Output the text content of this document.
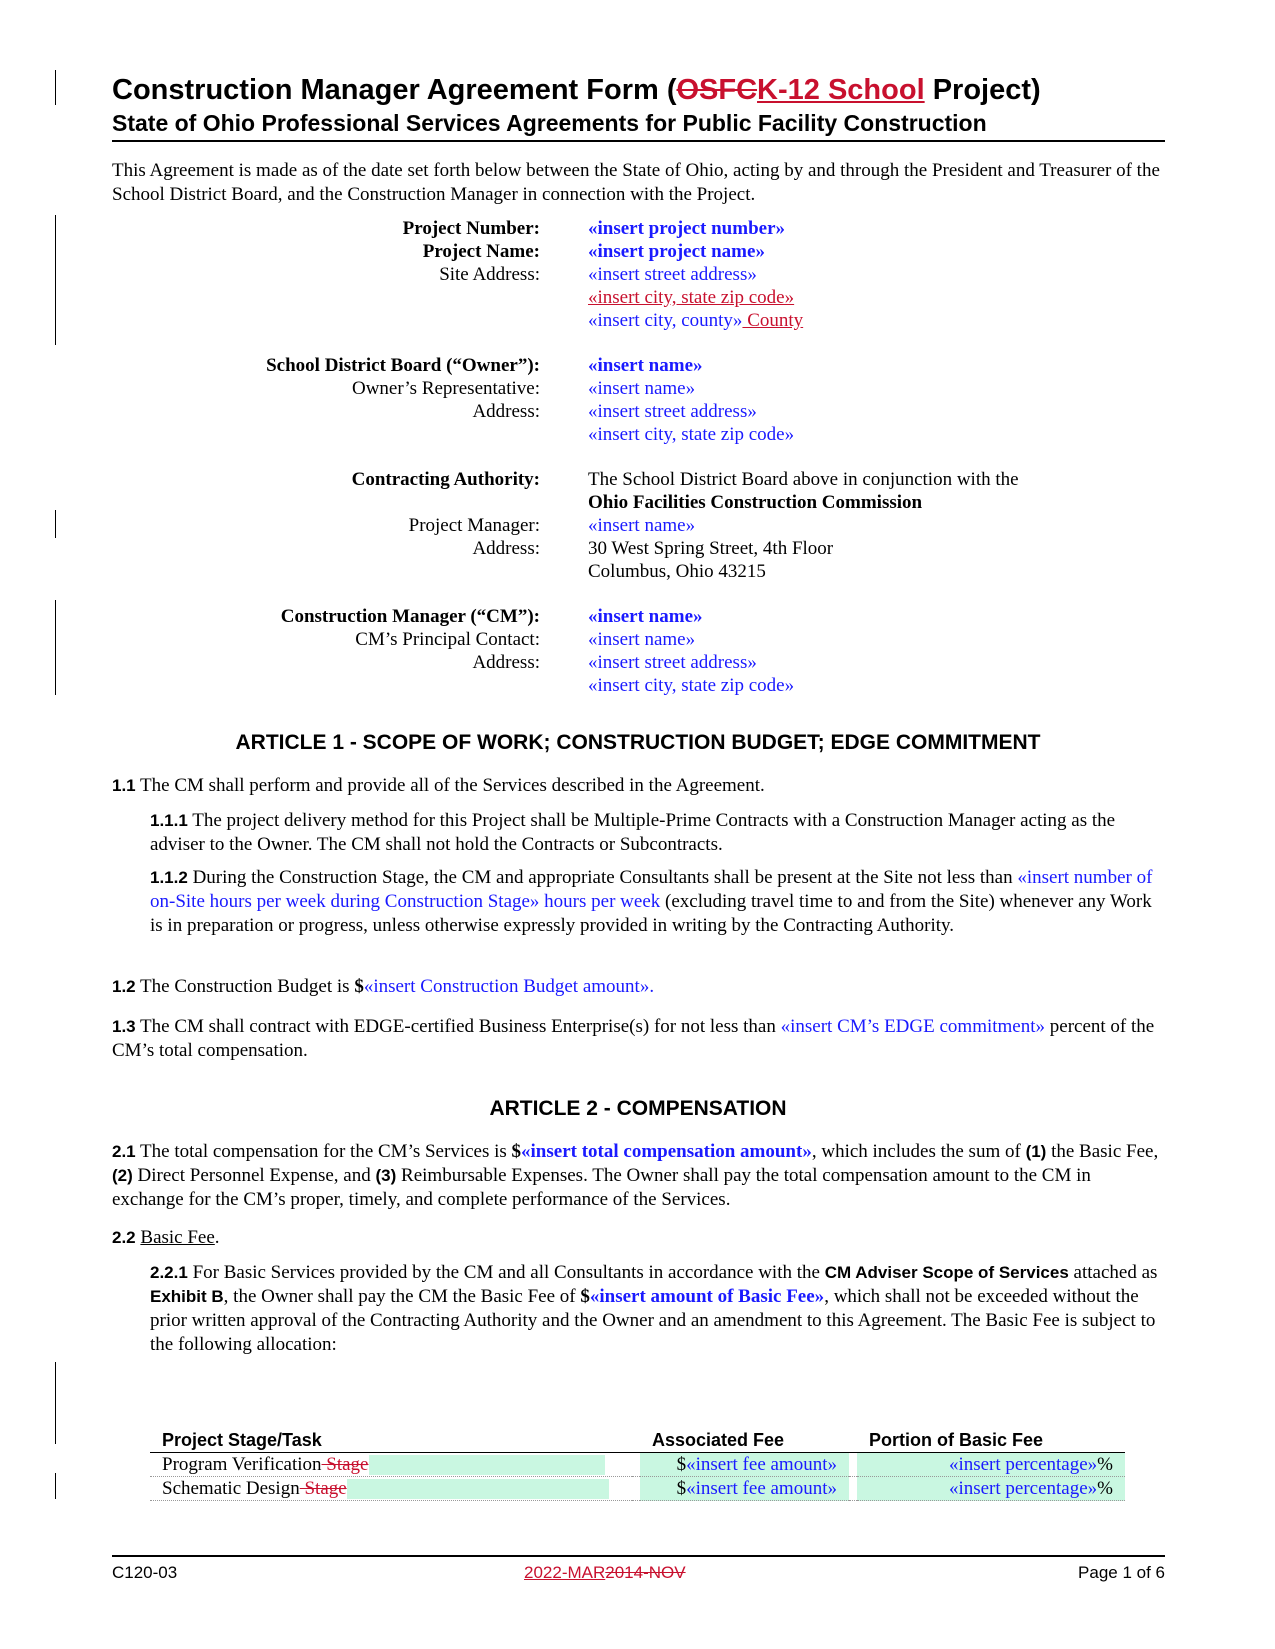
Construction Manager Agreement Form (OSFCK-12 School Project)
State of Ohio Professional Services Agreements for Public Facility Construction
This Agreement is made as of the date set forth below between the State of Ohio, acting by and through the President and Treasurer of the School District Board, and the Construction Manager in connection with the Project.
Project Number:	«insert project number»
Project Name:	«insert project name»
Site Address:	«insert street address»
«insert city, state zip code»
«insert city, county» County
School District Board (“Owner”):	«insert name»
Owner’s Representative:	«insert name»
Address:	«insert street address»
«insert city, state zip code»
Contracting Authority:	The School District Board above in conjunction with the
Ohio Facilities Construction Commission
Project Manager:	«insert name»
Address:	30 West Spring Street, 4th Floor
Columbus, Ohio 43215
Construction Manager (“CM”):	«insert name»
CM’s Principal Contact:	«insert name»
Address:	«insert street address»
«insert city, state zip code»
ARTICLE 1 - SCOPE OF WORK; CONSTRUCTION BUDGET; EDGE COMMITMENT
1.1 The CM shall perform and provide all of the Services described in the Agreement.
1.1.1 The project delivery method for this Project shall be Multiple-Prime Contracts with a Construction Manager acting as the adviser to the Owner. The CM shall not hold the Contracts or Subcontracts.
1.1.2 During the Construction Stage, the CM and appropriate Consultants shall be present at the Site not less than «insert number of on-Site hours per week during Construction Stage» hours per week (excluding travel time to and from the Site) whenever any Work is in preparation or progress, unless otherwise expressly provided in writing by the Contracting Authority.
1.2 The Construction Budget is $«insert Construction Budget amount».
1.3 The CM shall contract with EDGE-certified Business Enterprise(s) for not less than «insert CM’s EDGE commitment» percent of the CM’s total compensation.
ARTICLE 2 - COMPENSATION
2.1 The total compensation for the CM’s Services is $«insert total compensation amount», which includes the sum of (1) the Basic Fee, (2) Direct Personnel Expense, and (3) Reimbursable Expenses. The Owner shall pay the total compensation amount to the CM in exchange for the CM’s proper, timely, and complete performance of the Services.
2.2 Basic Fee.
2.2.1 For Basic Services provided by the CM and all Consultants in accordance with the CM Adviser Scope of Services attached as Exhibit B, the Owner shall pay the CM the Basic Fee of $«insert amount of Basic Fee», which shall not be exceeded without the prior written approval of the Contracting Authority and the Owner and an amendment to this Agreement. The Basic Fee is subject to the following allocation:
Project Stage/Task		Associated Fee		Portion of Basic Fee
Program Verification Stage		$«insert fee amount»		«insert percentage»%
Schematic Design Stage		$«insert fee amount»		«insert percentage»%
C120-03	2022-MAR2014-NOV	Page 1 of 6
